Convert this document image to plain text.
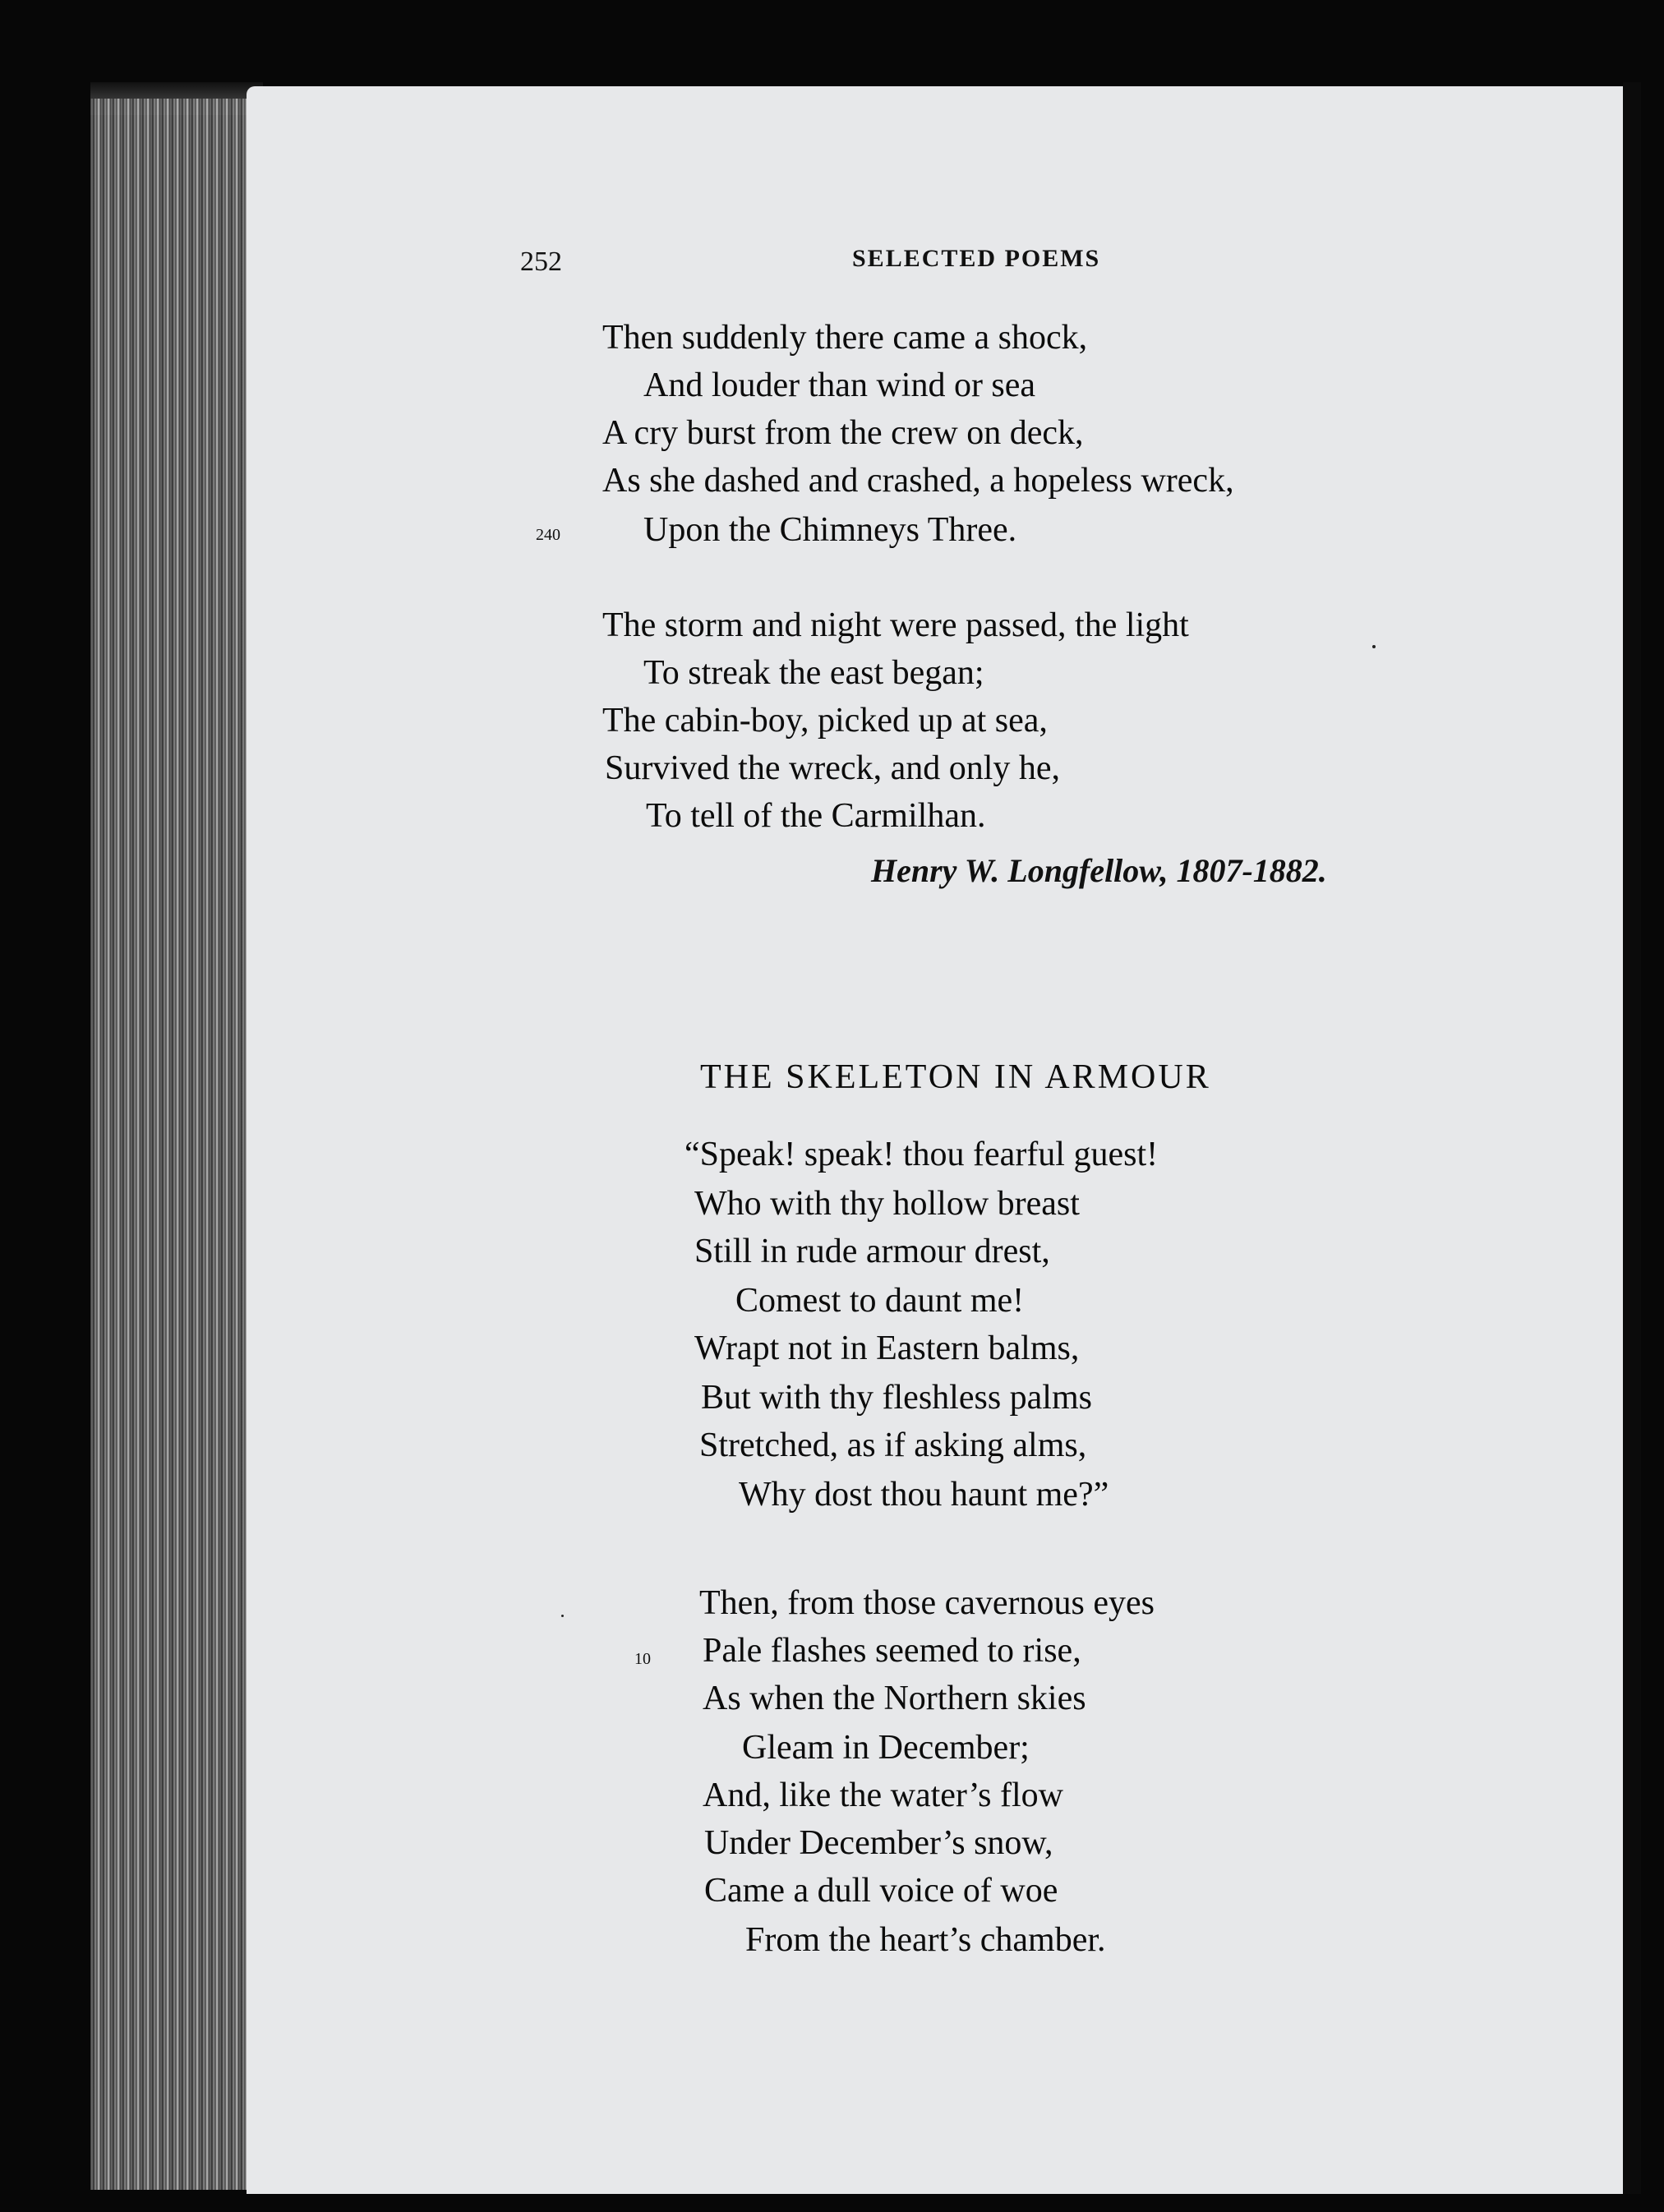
252	SELECTED POEMS
Then suddenly there came a shock,
And louder than wind or sea
A cry burst from the crew on deck,
As she dashed and crashed, a hopeless wreck,
240 Upon the Chimneys Three.
The storm and night were passed, the light
To streak the east began;
The cabin-boy, picked up at sea,
Survived the wreck, and only he,
To tell of the Carmilhan.
Henry W. Longfellow, 1807-1882.
THE SKELETON IN ARMOUR
“Speak! speak! thou fearful guest!
Who with thy hollow breast
Still in rude armour drest,
Comest to daunt me!
Wrapt not in Eastern balms,
But with thy fleshless palms
Stretched, as if asking alms,
Why dost thou haunt me?”
Then, from those cavernous eyes
10 Pale flashes seemed to rise,
As when the Northern skies
Gleam in December;
And, like the water’s flow
Under December’s snow,
Came a dull voice of woe
From the heart’s chamber.
